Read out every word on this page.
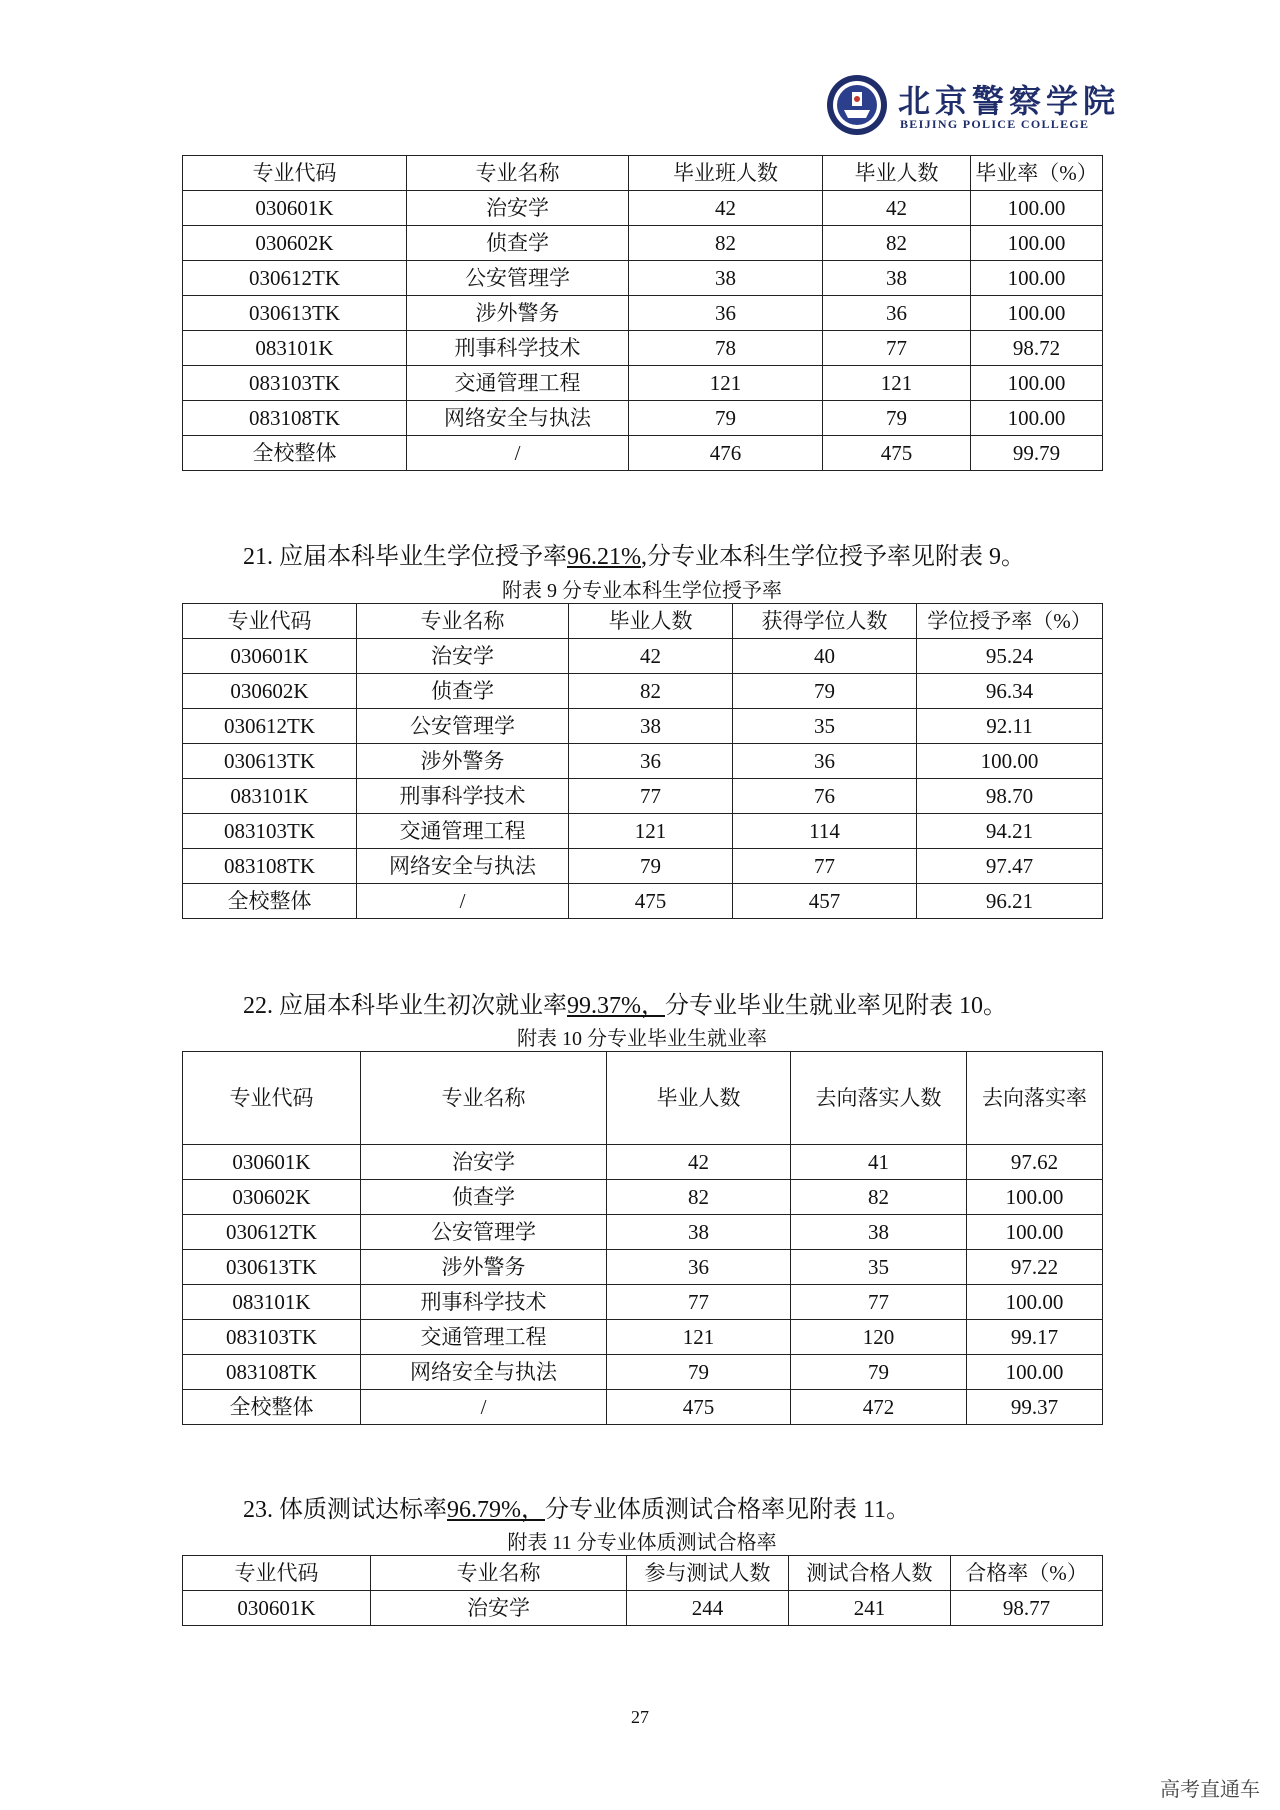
北京警察学院
BEIJING POLICE COLLEGE
专业代码	专业名称	毕业班人数	毕业人数	毕业率（%）
030601K	治安学	42	42	100.00
030602K	侦查学	82	82	100.00
030612TK	公安管理学	38	38	100.00
030613TK	涉外警务	36	36	100.00
083101K	刑事科学技术	78	77	98.72
083103TK	交通管理工程	121	121	100.00
083108TK	网络安全与执法	79	79	100.00
全校整体	/	476	475	99.79
21. 应届本科毕业生学位授予率96.21%,分专业本科生学位授予率见附表 9。
附表 9 分专业本科生学位授予率
专业代码	专业名称	毕业人数	获得学位人数	学位授予率（%）
030601K	治安学	42	40	95.24
030602K	侦查学	82	79	96.34
030612TK	公安管理学	38	35	92.11
030613TK	涉外警务	36	36	100.00
083101K	刑事科学技术	77	76	98.70
083103TK	交通管理工程	121	114	94.21
083108TK	网络安全与执法	79	77	97.47
全校整体	/	475	457	96.21
22. 应届本科毕业生初次就业率99.37%，分专业毕业生就业率见附表 10。
附表 10 分专业毕业生就业率
专业代码	专业名称	毕业人数	去向落实人数	去向落实率
030601K	治安学	42	41	97.62
030602K	侦查学	82	82	100.00
030612TK	公安管理学	38	38	100.00
030613TK	涉外警务	36	35	97.22
083101K	刑事科学技术	77	77	100.00
083103TK	交通管理工程	121	120	99.17
083108TK	网络安全与执法	79	79	100.00
全校整体	/	475	472	99.37
23. 体质测试达标率96.79%，分专业体质测试合格率见附表 11。
附表 11 分专业体质测试合格率
专业代码	专业名称	参与测试人数	测试合格人数	合格率（%）
030601K	治安学	244	241	98.77
27
高考直通车
